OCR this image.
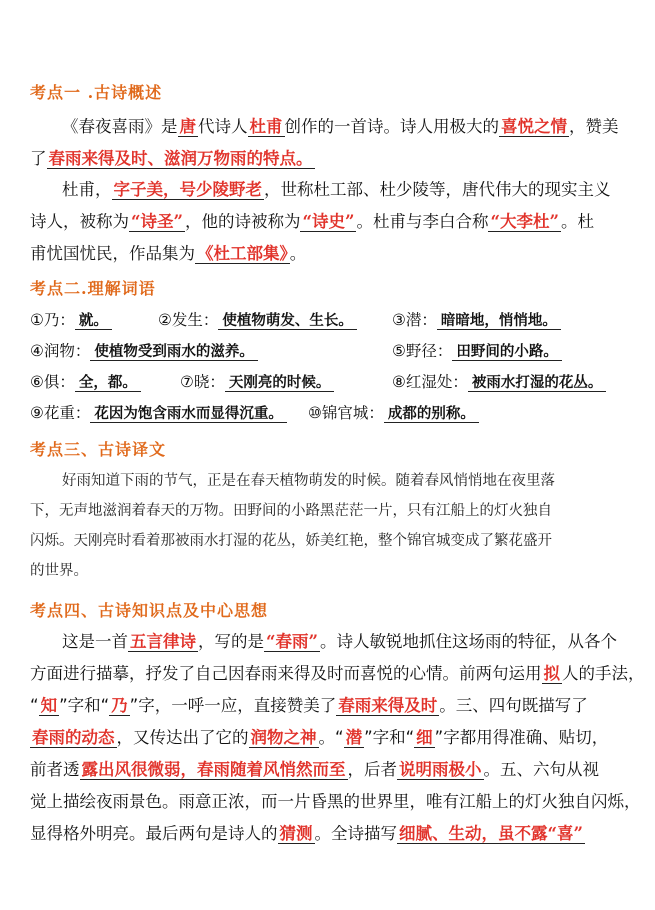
考点一 .古诗概述
《春夜喜雨》是 唐 代诗人 杜甫 创作的一首诗。诗人用极大的 喜悦之情 ，赞美
了 春雨来得及时、滋润万物雨的特点。
杜甫， 字子美，号少陵野老 ，世称杜工部、杜少陵等，唐代伟大的现实主义
诗人，被称为 “诗圣” ，他的诗被称为 “诗史” 。杜甫与李白合称 “大李杜” 。杜
甫忧国忧民，作品集为 《杜工部集》 。
考点二.理解词语
①乃： 就。	②发生： 使植物萌发、生长。	③潜： 暗暗地，悄悄地。
④润物： 使植物受到雨水的滋养。	⑤野径： 田野间的小路。
⑥俱： 全，都。	⑦晓： 天刚亮的时候。	⑧红湿处： 被雨水打湿的花丛。
⑨花重： 花因为饱含雨水而显得沉重。 ⑩锦官城： 成都的别称。
考点三、古诗译文
好雨知道下雨的节气，正是在春天植物萌发的时候。随着春风悄悄地在夜里落
下，无声地滋润着春天的万物。田野间的小路黑茫茫一片，只有江船上的灯火独自
闪烁。天刚亮时看着那被雨水打湿的花丛，娇美红艳，整个锦官城变成了繁花盛开
的世界。
考点四、古诗知识点及中心思想
这是一首 五言律诗 ，写的是 “春雨” 。诗人敏锐地抓住这场雨的特征，从各个
方面进行描摹，抒发了自己因春雨来得及时而喜悦的心情。前两句运用 拟 人的手法，
“ 知 ”字和“ 乃 ”字，一呼一应，直接赞美了 春雨来得及时 。三、四句既描写了
春雨的动态 ，又传达出了它的 润物之神 。“ 潜 ”字和“ 细 ”字都用得准确、贴切，
前者透 露出风很微弱，春雨随着风悄然而至 ，后者 说明雨极小 。五、六句从视
觉上描绘夜雨景色。雨意正浓，而一片昏黑的世界里，唯有江船上的灯火独自闪烁，
显得格外明亮。最后两句是诗人的 猜测 。全诗描写 细腻、生动，虽不露“喜”
